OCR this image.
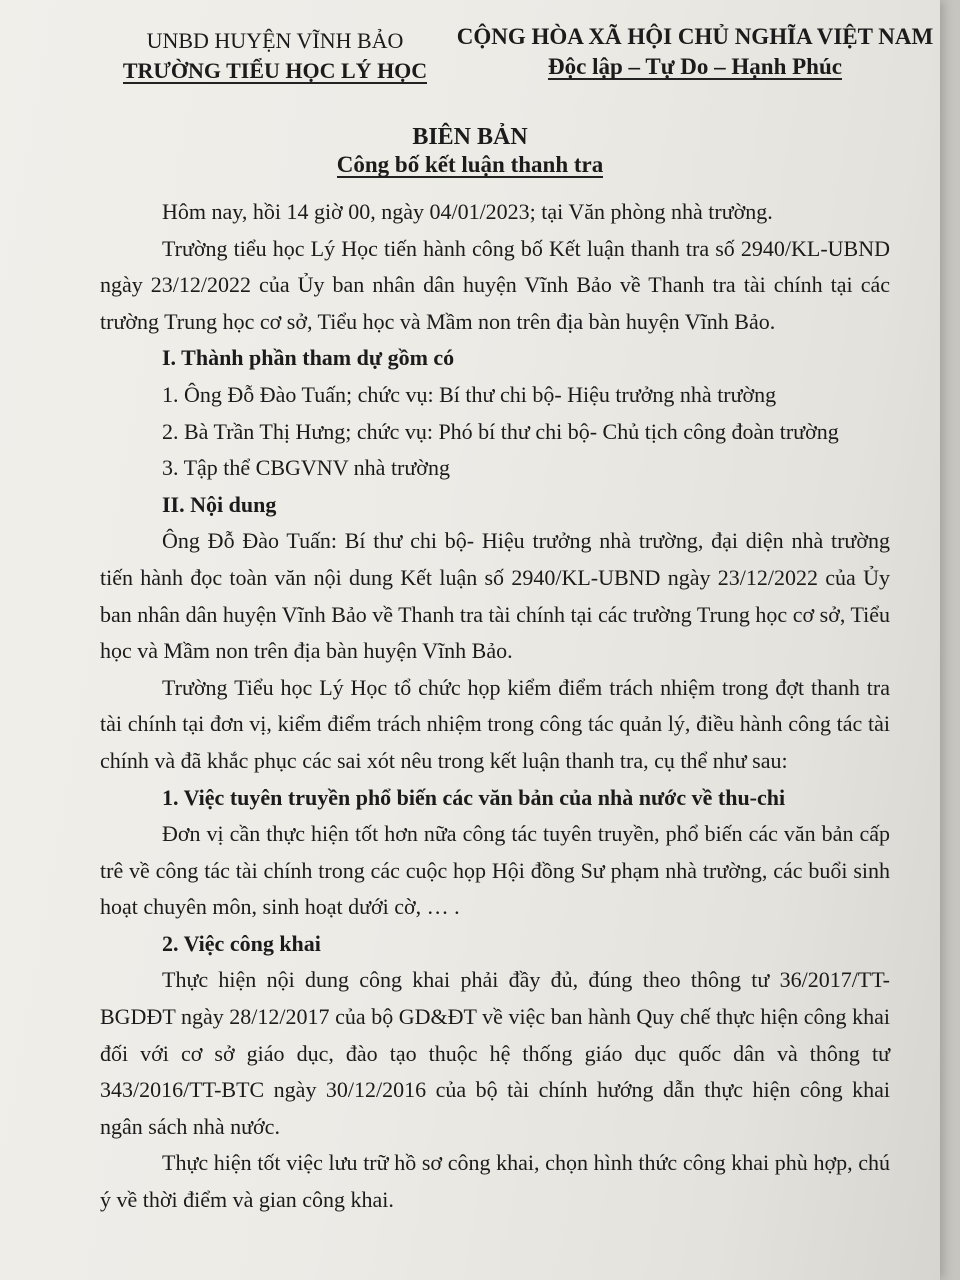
UNBD HUYỆN VĨNH BẢO
TRƯỜNG TIỂU HỌC LÝ HỌC
CỘNG HÒA XÃ HỘI CHỦ NGHĨA VIỆT NAM
Độc lập – Tự Do – Hạnh Phúc
BIÊN BẢN
Công bố kết luận thanh tra

Hôm nay, hồi 14 giờ 00, ngày 04/01/2023; tại Văn phòng nhà trường.

Trường tiểu học Lý Học tiến hành công bố Kết luận thanh tra số 2940/KL-UBND ngày 23/12/2022 của Ủy ban nhân dân huyện Vĩnh Bảo về Thanh tra tài chính tại các trường Trung học cơ sở, Tiểu học và Mầm non trên địa bàn huyện Vĩnh Bảo.

I. Thành phần tham dự gồm có

1. Ông Đỗ Đào Tuấn; chức vụ: Bí thư chi bộ- Hiệu trưởng nhà trường

2. Bà Trần Thị Hưng; chức vụ: Phó bí thư chi bộ- Chủ tịch công đoàn trường

3. Tập thể CBGVNV nhà trường

II. Nội dung

Ông Đỗ Đào Tuấn: Bí thư chi bộ- Hiệu trưởng nhà trường, đại diện nhà trường tiến hành đọc toàn văn nội dung Kết luận số 2940/KL-UBND ngày 23/12/2022 của Ủy ban nhân dân huyện Vĩnh Bảo về Thanh tra tài chính tại các trường Trung học cơ sở, Tiểu học và Mầm non trên địa bàn huyện Vĩnh Bảo.

Trường Tiểu học Lý Học tổ chức họp kiểm điểm trách nhiệm trong đợt thanh tra tài chính tại đơn vị, kiểm điểm trách nhiệm trong công tác quản lý, điều hành công tác tài chính và đã khắc phục các sai xót nêu trong kết luận thanh tra, cụ thể như sau:

1. Việc tuyên truyền phổ biến các văn bản của nhà nước về thu-chi

Đơn vị cần thực hiện tốt hơn nữa công tác tuyên truyền, phổ biến các văn bản cấp trê về công tác tài chính trong các cuộc họp Hội đồng Sư phạm nhà trường, các buổi sinh hoạt chuyên môn, sinh hoạt dưới cờ, … .

2. Việc công khai

Thực hiện nội dung công khai phải đầy đủ, đúng theo thông tư 36/2017/TT-BGDĐT ngày 28/12/2017 của bộ GD&ĐT về việc ban hành Quy chế thực hiện công khai đối với cơ sở giáo dục, đào tạo thuộc hệ thống giáo dục quốc dân và thông tư 343/2016/TT-BTC ngày 30/12/2016 của bộ tài chính hướng dẫn thực hiện công khai ngân sách nhà nước.

Thực hiện tốt việc lưu trữ hồ sơ công khai, chọn hình thức công khai phù hợp, chú ý về thời điểm và gian công khai.
